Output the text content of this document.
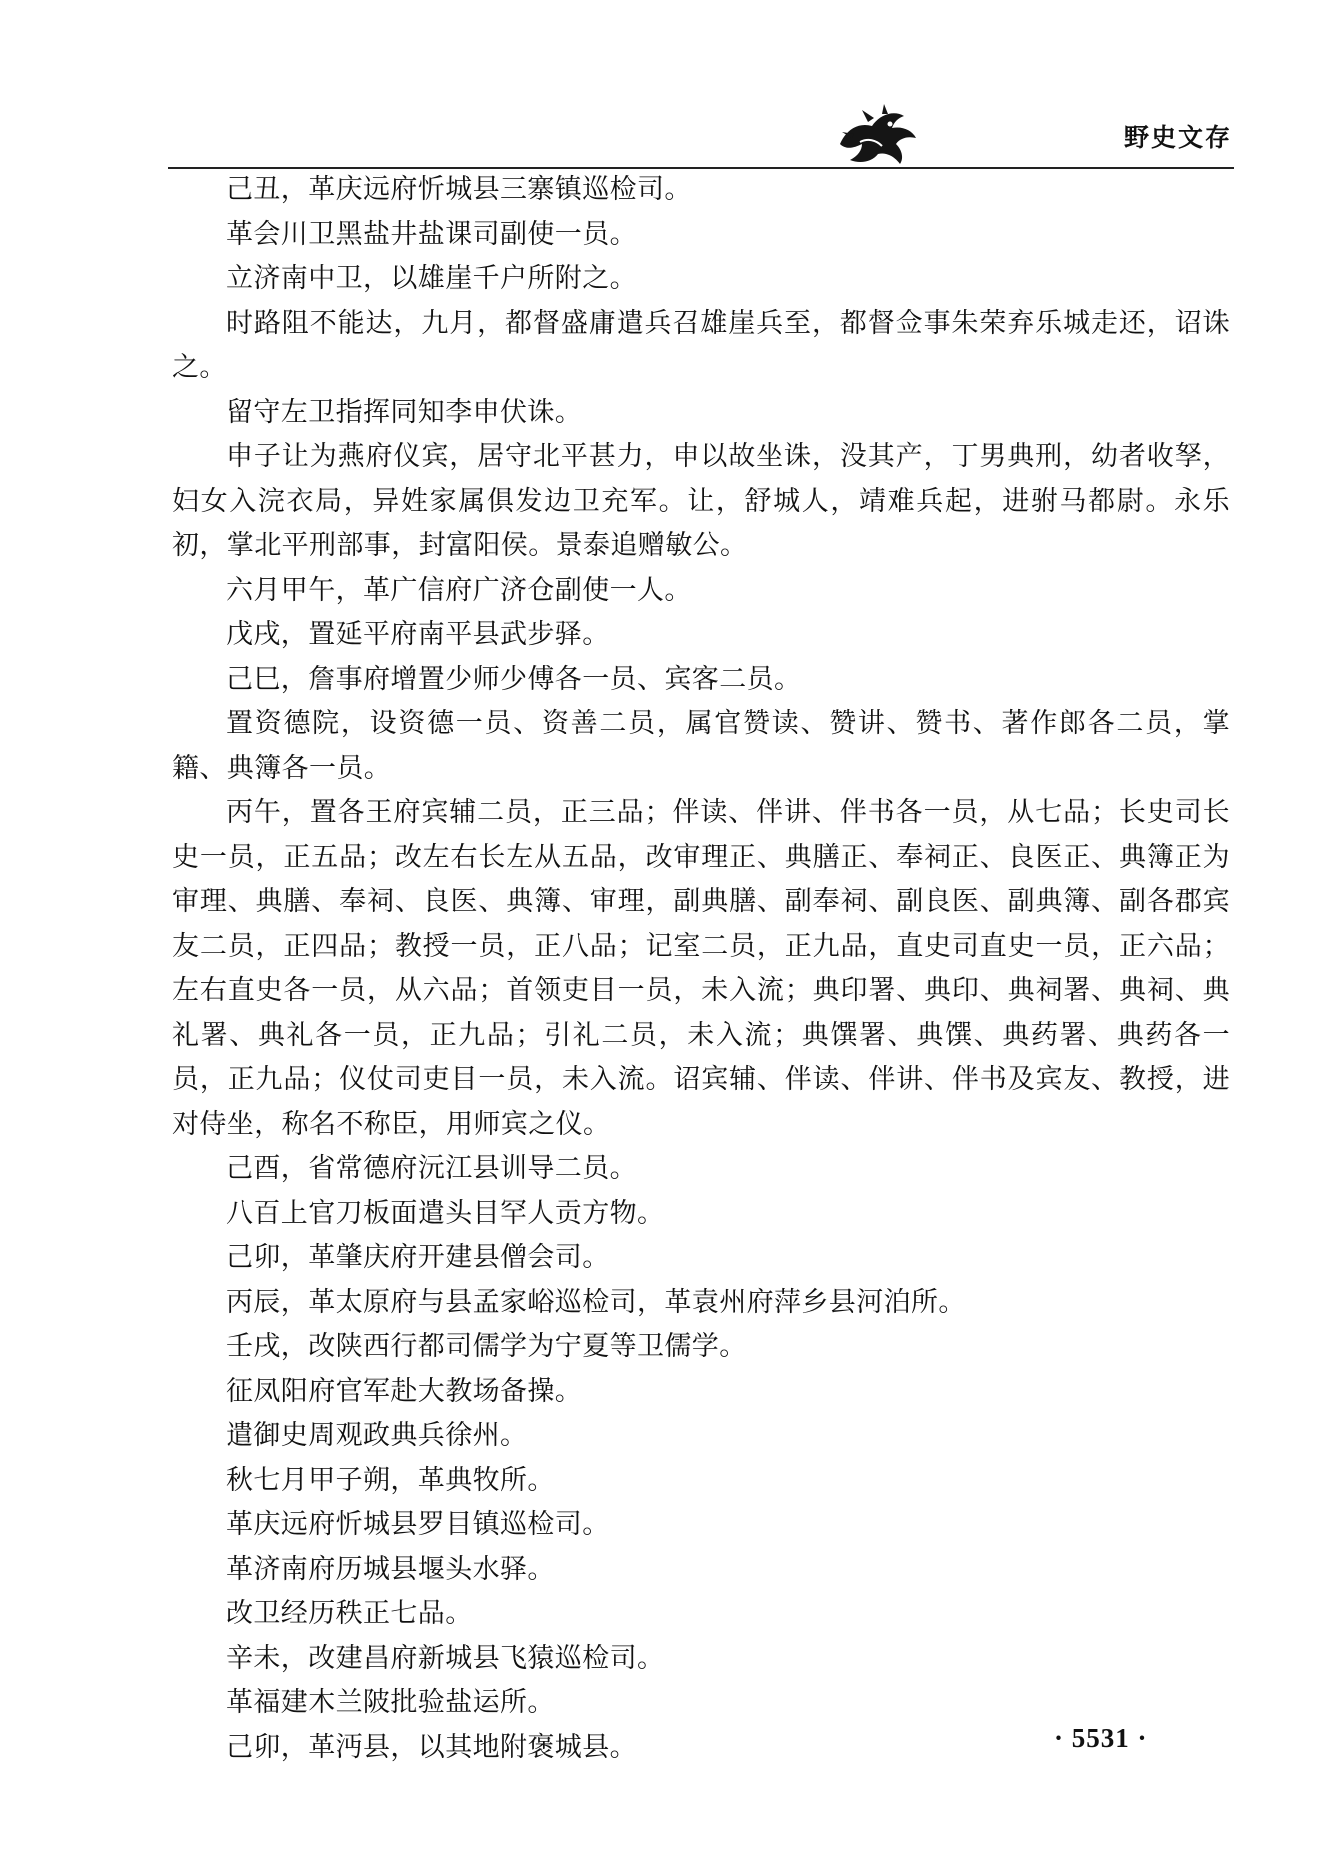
野史文存

己丑，革庆远府忻城县三寨镇巡检司。

革会川卫黑盐井盐课司副使一员。

立济南中卫，以雄崖千户所附之。

时路阻不能达，九月，都督盛庸遣兵召雄崖兵至，都督佥事朱荣弃乐城走还，诏诛之。

留守左卫指挥同知李申伏诛。

申子让为燕府仪宾，居守北平甚力，申以故坐诛，没其产，丁男典刑，幼者收孥，妇女入浣衣局，异姓家属俱发边卫充军。让，舒城人，靖难兵起，进驸马都尉。永乐初，掌北平刑部事，封富阳侯。景泰追赠敏公。

六月甲午，革广信府广济仓副使一人。

戊戌，置延平府南平县武步驿。

己巳，詹事府增置少师少傅各一员、宾客二员。

置资德院，设资德一员、资善二员，属官赞读、赞讲、赞书、著作郎各二员，掌籍、典簿各一员。

丙午，置各王府宾辅二员，正三品；伴读、伴讲、伴书各一员，从七品；长史司长史一员，正五品；改左右长左从五品，改审理正、典膳正、奉祠正、良医正、典簿正为审理、典膳、奉祠、良医、典簿、审理，副典膳、副奉祠、副良医、副典簿、副各郡宾友二员，正四品；教授一员，正八品；记室二员，正九品，直史司直史一员，正六品；左右直史各一员，从六品；首领吏目一员，未入流；典印署、典印、典祠署、典祠、典礼署、典礼各一员，正九品；引礼二员，未入流；典馔署、典馔、典药署、典药各一员，正九品；仪仗司吏目一员，未入流。诏宾辅、伴读、伴讲、伴书及宾友、教授，进对侍坐，称名不称臣，用师宾之仪。

己酉，省常德府沅江县训导二员。

八百上官刀板面遣头目罕人贡方物。

己卯，革肇庆府开建县僧会司。

丙辰，革太原府与县孟家峪巡检司，革袁州府萍乡县河泊所。

壬戌，改陕西行都司儒学为宁夏等卫儒学。

征凤阳府官军赴大教场备操。

遣御史周观政典兵徐州。

秋七月甲子朔，革典牧所。

革庆远府忻城县罗目镇巡检司。

革济南府历城县堰头水驿。

改卫经历秩正七品。

辛未，改建昌府新城县飞猿巡检司。

革福建木兰陂批验盐运所。

己卯，革沔县，以其地附褒城县。	· 5531 ·
